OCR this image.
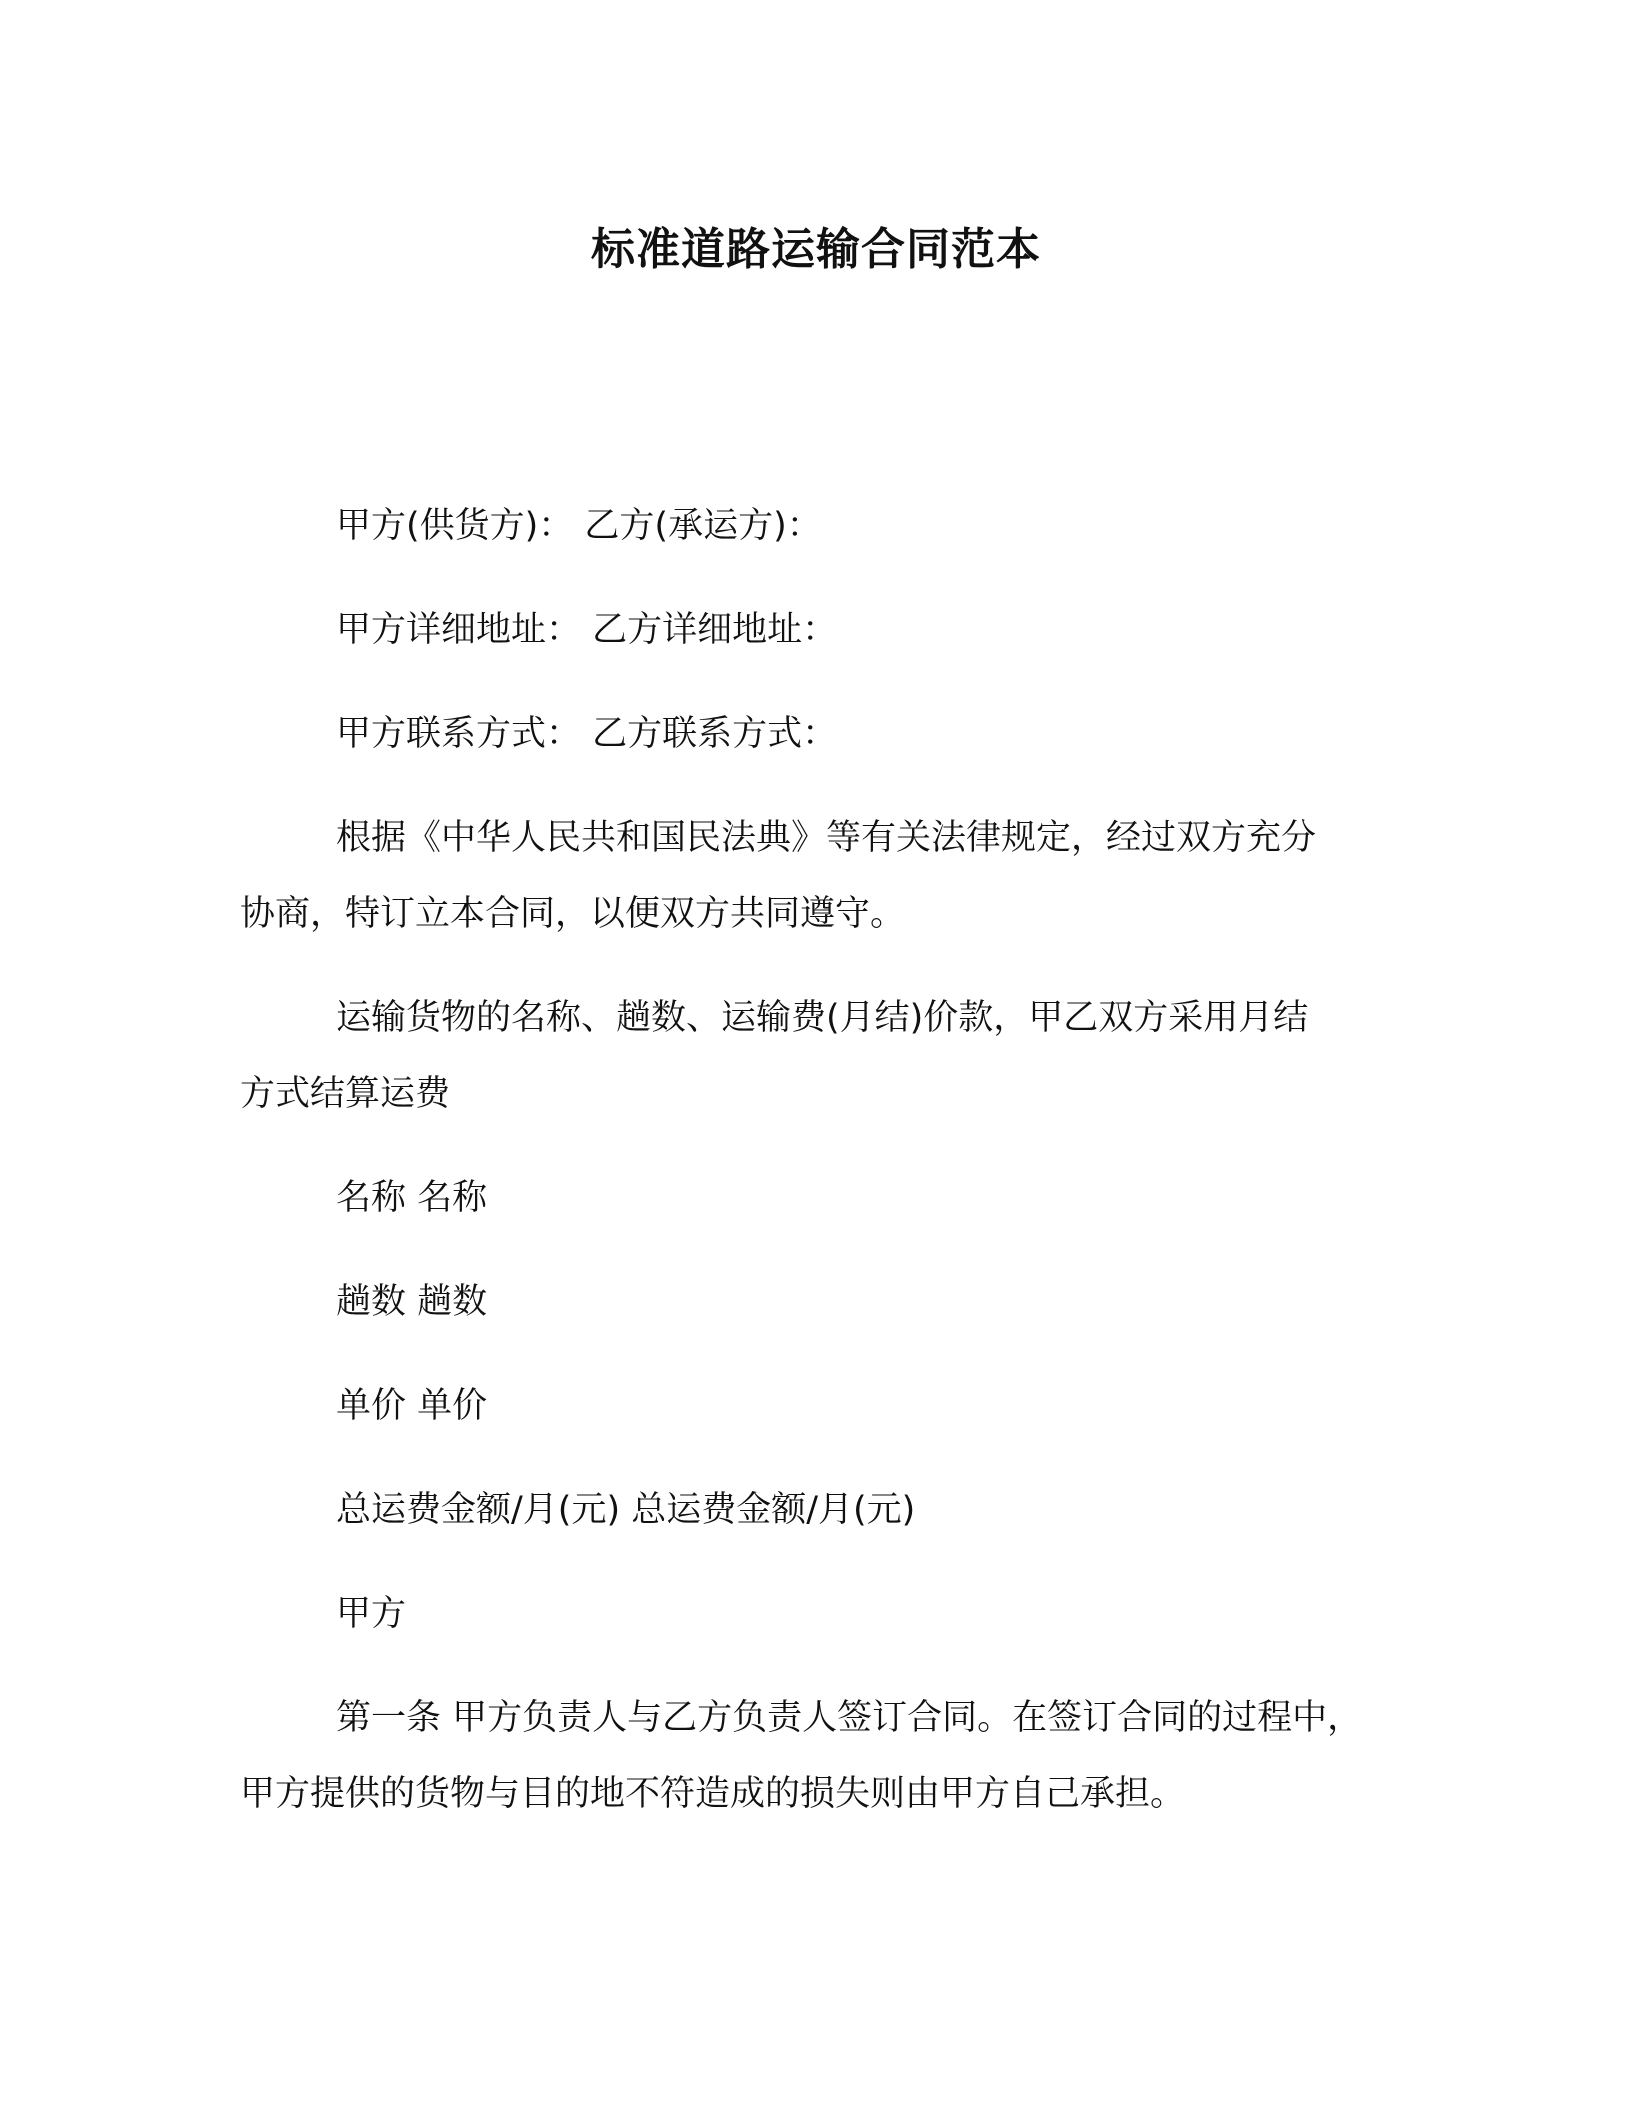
标准道路运输合同范本
甲方(供货方)： 乙方(承运方)：
甲方详细地址： 乙方详细地址：
甲方联系方式： 乙方联系方式：
根据《中华人民共和国民法典》等有关法律规定，经过双方充分
协商，特订立本合同，以便双方共同遵守。
运输货物的名称、趟数、运输费(月结)价款，甲乙双方采用月结
方式结算运费
名称 名称
趟数 趟数
单价 单价
总运费金额/月(元) 总运费金额/月(元)
甲方
第一条 甲方负责人与乙方负责人签订合同。在签订合同的过程中，
甲方提供的货物与目的地不符造成的损失则由甲方自己承担。
